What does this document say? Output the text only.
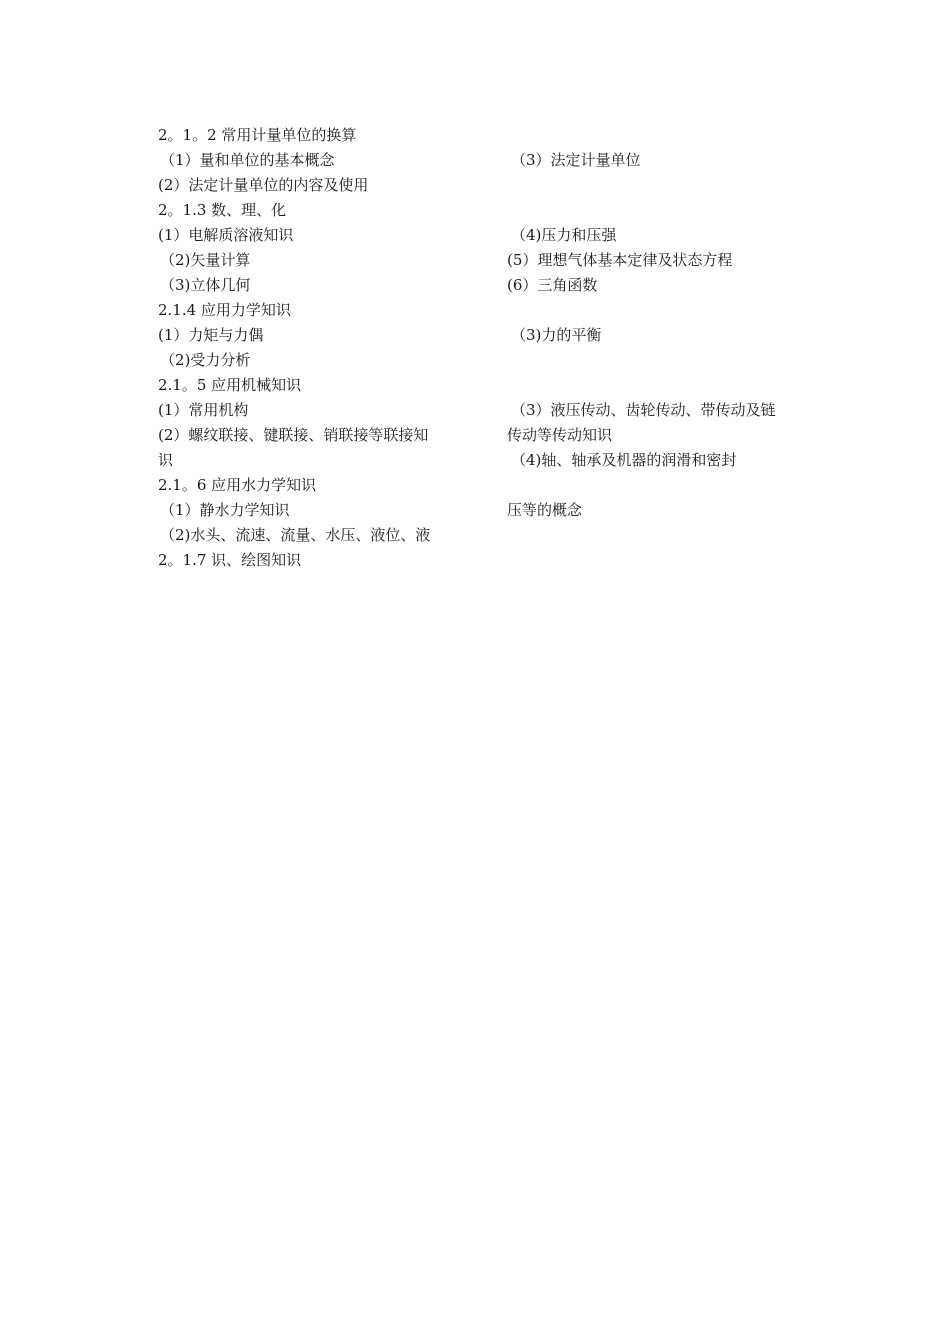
2。1。2 常用计量单位的换算
（1）量和单位的基本概念	（3）法定计量单位
(2）法定计量单位的内容及使用
2。1.3 数、理、化
(1）电解质溶液知识	（4)压力和压强
（2)矢量计算	(5）理想气体基本定律及状态方程
（3)立体几何	(6）三角函数
2.1.4 应用力学知识
(1）力矩与力偶	（3)力的平衡
（2)受力分析
2.1。5 应用机械知识
(1）常用机构	（3）液压传动、齿轮传动、带传动及链
(2）螺纹联接、键联接、销联接等联接知	传动等传动知识
识	（4)轴、轴承及机器的润滑和密封
2.1。6 应用水力学知识
（1）静水力学知识	压等的概念
（2)水头、流速、流量、水压、液位、液
2。1.7 识、绘图知识
